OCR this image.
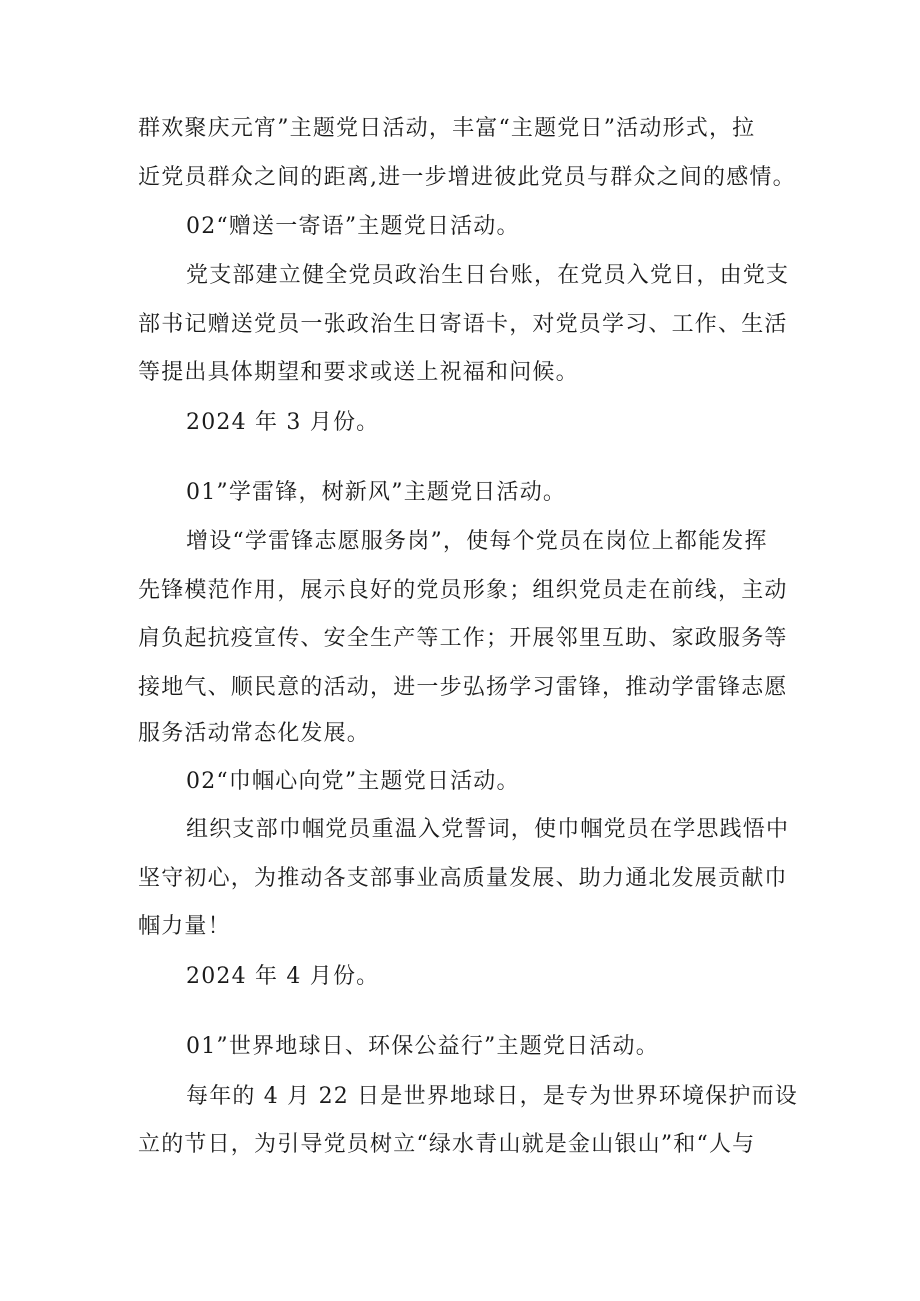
群欢聚庆元宵”主题党日活动，丰富“主题党日”活动形式，拉
近党员群众之间的距离,进一步增进彼此党员与群众之间的感情。
02“赠送一寄语”主题党日活动。
党支部建立健全党员政治生日台账，在党员入党日，由党支
部书记赠送党员一张政治生日寄语卡，对党员学习、工作、生活
等提出具体期望和要求或送上祝福和问候。
2024 年 3 月份。
01”学雷锋，树新风”主题党日活动。
增设“学雷锋志愿服务岗”，使每个党员在岗位上都能发挥
先锋模范作用，展示良好的党员形象；组织党员走在前线，主动
肩负起抗疫宣传、安全生产等工作；开展邻里互助、家政服务等
接地气、顺民意的活动，进一步弘扬学习雷锋，推动学雷锋志愿
服务活动常态化发展。
02“巾帼心向党”主题党日活动。
组织支部巾帼党员重温入党誓词，使巾帼党员在学思践悟中
坚守初心，为推动各支部事业高质量发展、助力通北发展贡献巾
帼力量！
2024 年 4 月份。
01”世界地球日、环保公益行”主题党日活动。
每年的 4 月 22 日是世界地球日，是专为世界环境保护而设
立的节日，为引导党员树立“绿水青山就是金山银山”和“人与
